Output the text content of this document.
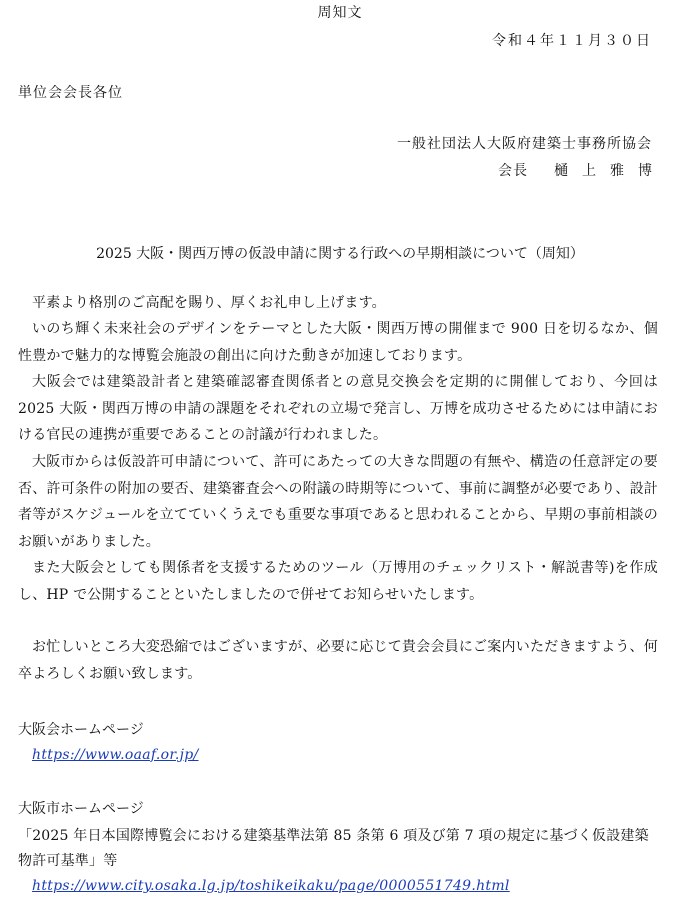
周知文
令和４年１１月３０日
単位会会長各位
一般社団法人大阪府建築士事務所協会
会長 樋上雅博
2025 大阪・関西万博の仮設申請に関する行政への早期相談について（周知）
平素より格別のご高配を賜り、厚くお礼申し上げます。
いのち輝く未来社会のデザインをテーマとした大阪・関西万博の開催まで 900 日を切るなか、個性豊かで魅力的な博覧会施設の創出に向けた動きが加速しております。
大阪会では建築設計者と建築確認審査関係者との意見交換会を定期的に開催しており、今回は 2025 大阪・関西万博の申請の課題をそれぞれの立場で発言し、万博を成功させるためには申請における官民の連携が重要であることの討議が行われました。
大阪市からは仮設許可申請について、許可にあたっての大きな問題の有無や、構造の任意評定の要否、許可条件の附加の要否、建築審査会への附議の時期等について、事前に調整が必要であり、設計者等がスケジュールを立てていくうえでも重要な事項であると思われることから、早期の事前相談のお願いがありました。
また大阪会としても関係者を支援するためのツール（万博用のチェックリスト・解説書等)を作成し、HP で公開することといたしましたので併せてお知らせいたします。
お忙しいところ大変恐縮ではございますが、必要に応じて貴会会員にご案内いただきますよう、何卒よろしくお願い致します。
大阪会ホームページ
https://www.oaaf.or.jp/
大阪市ホームページ
「2025 年日本国際博覧会における建築基準法第 85 条第 6 項及び第 7 項の規定に基づく仮設建築物許可基準」等
https://www.city.osaka.lg.jp/toshikeikaku/page/0000551749.html
